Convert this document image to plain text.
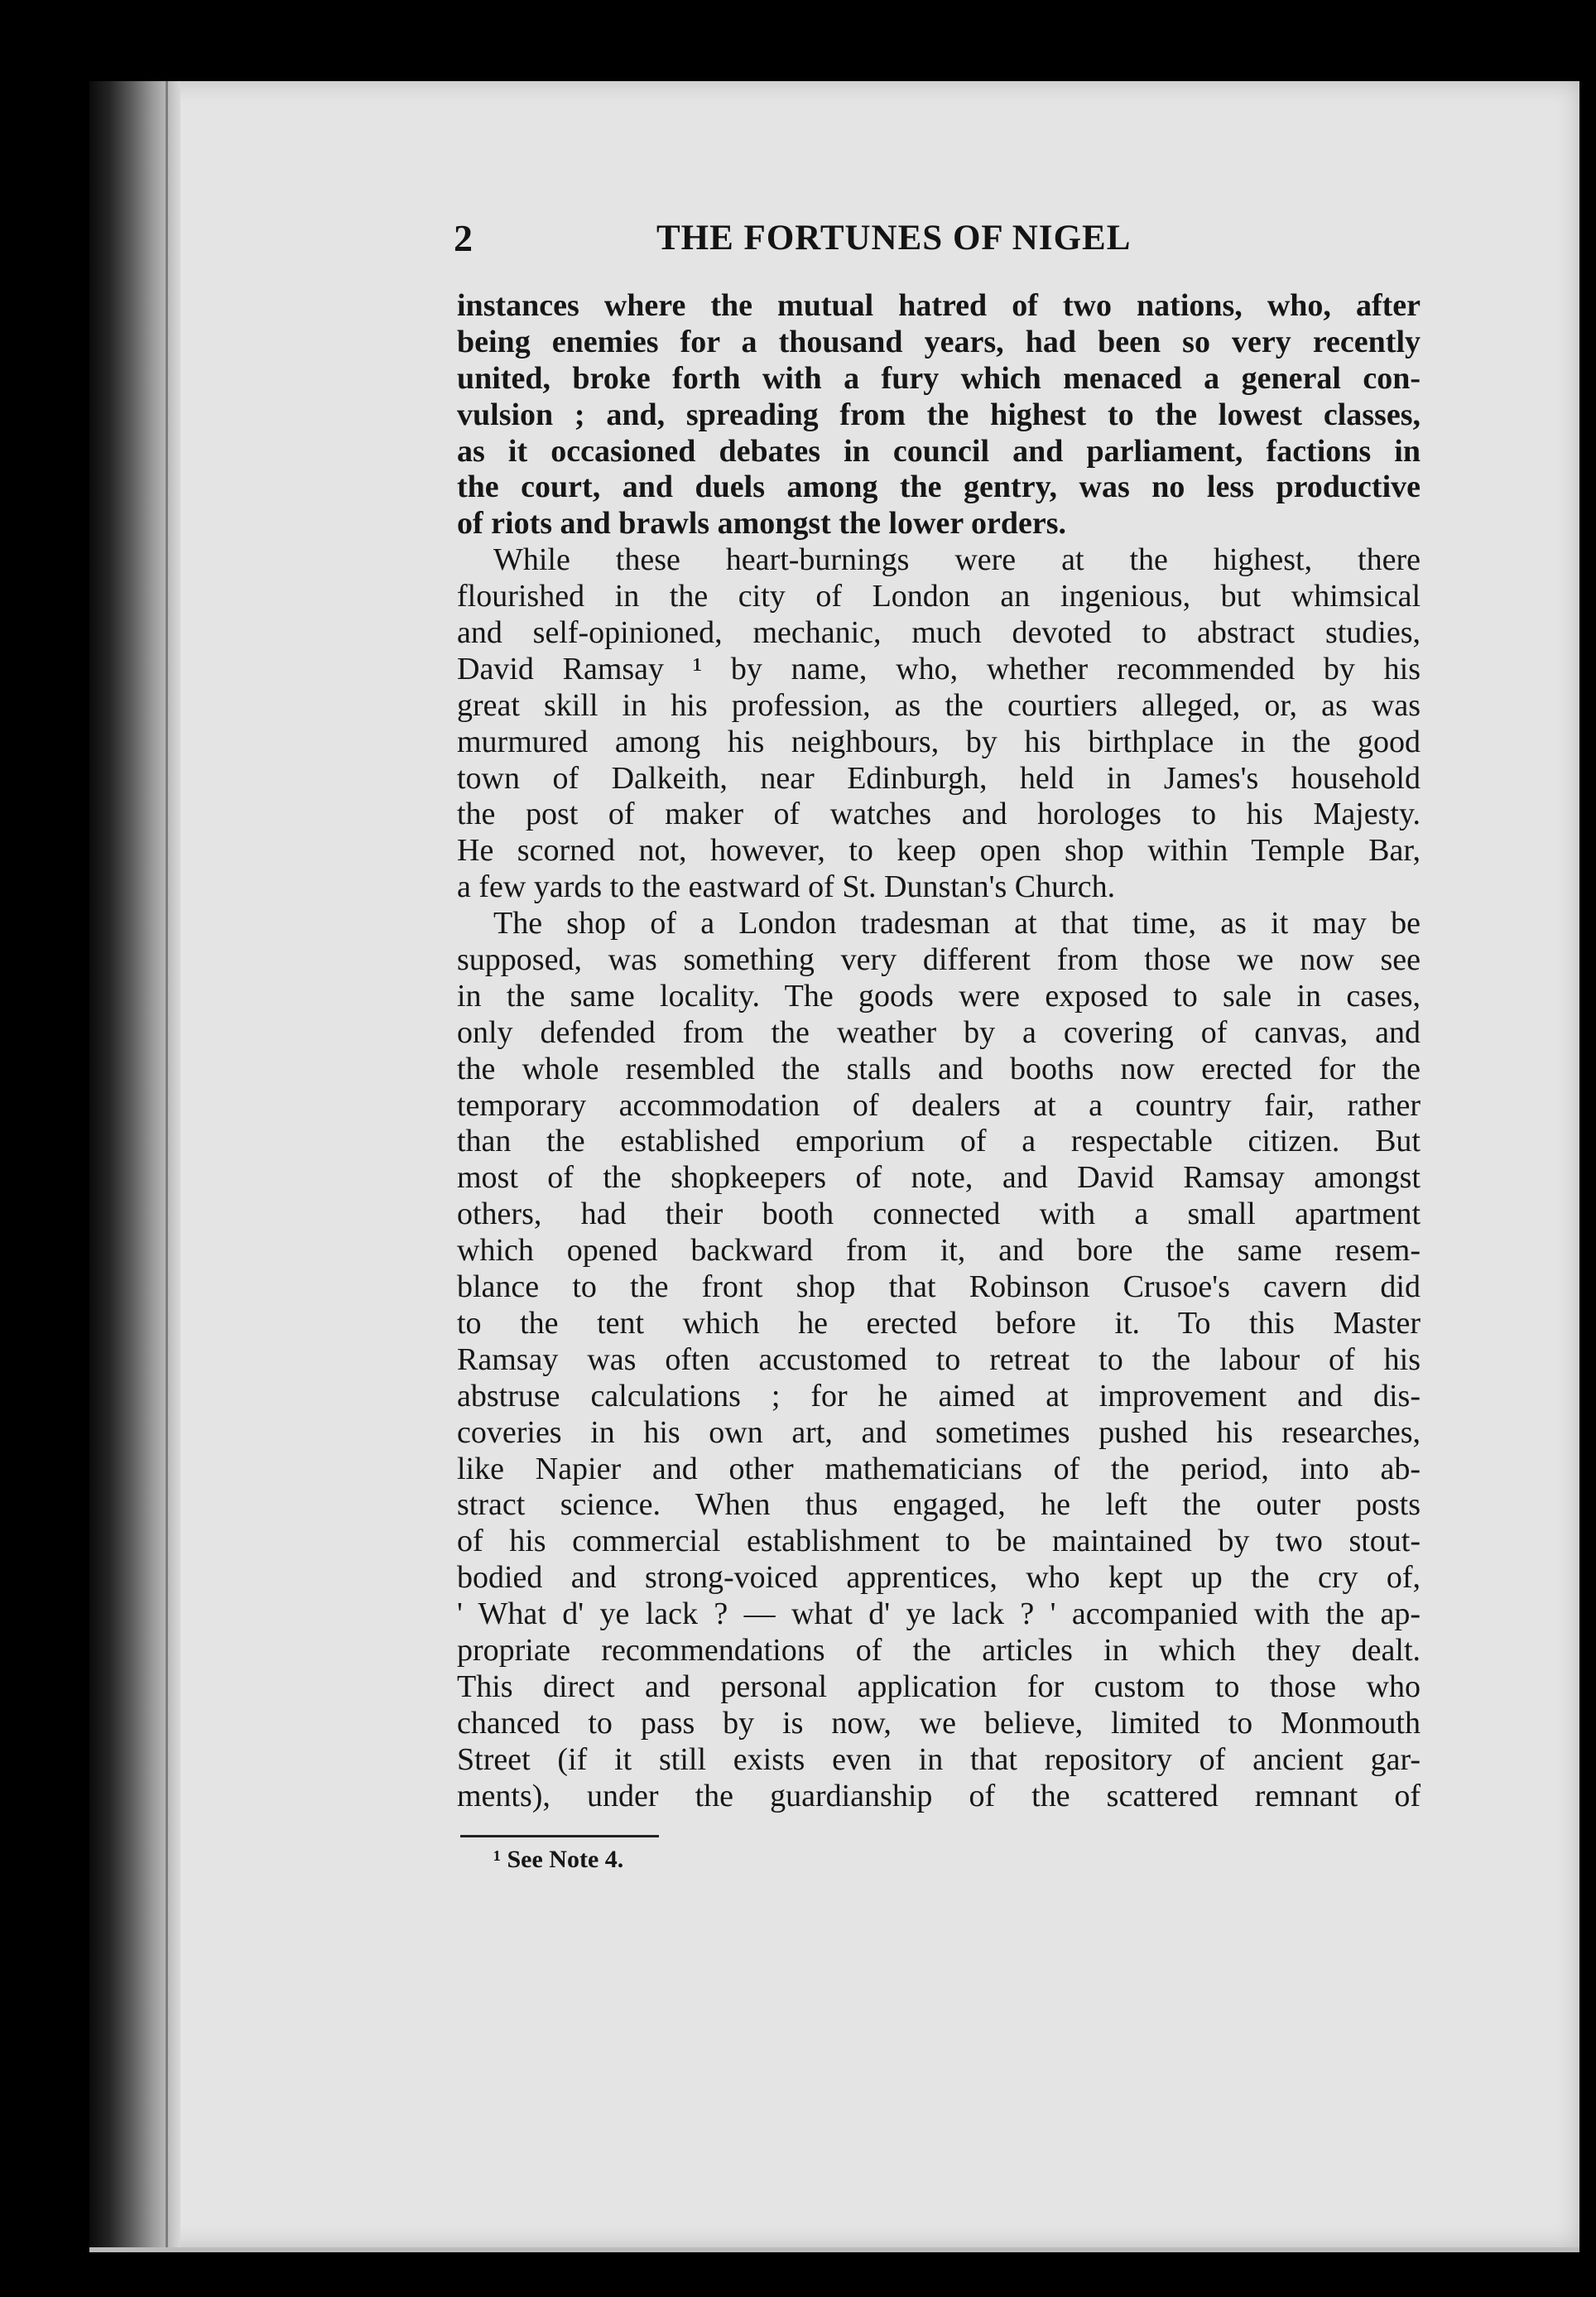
2	THE FORTUNES OF NIGEL
instances where the mutual hatred of two nations, who, after
being enemies for a thousand years, had been so very recently
united, broke forth with a fury which menaced a general con-
vulsion ; and, spreading from the highest to the lowest classes,
as it occasioned debates in council and parliament, factions in
the court, and duels among the gentry, was no less productive
of riots and brawls amongst the lower orders.
While these heart-burnings were at the highest, there
flourished in the city of London an ingenious, but whimsical
and self-opinioned, mechanic, much devoted to abstract studies,
David Ramsay ¹ by name, who, whether recommended by his
great skill in his profession, as the courtiers alleged, or, as was
murmured among his neighbours, by his birthplace in the good
town of Dalkeith, near Edinburgh, held in James's household
the post of maker of watches and horologes to his Majesty.
He scorned not, however, to keep open shop within Temple Bar,
a few yards to the eastward of St. Dunstan's Church.
The shop of a London tradesman at that time, as it may be
supposed, was something very different from those we now see
in the same locality. The goods were exposed to sale in cases,
only defended from the weather by a covering of canvas, and
the whole resembled the stalls and booths now erected for the
temporary accommodation of dealers at a country fair, rather
than the established emporium of a respectable citizen. But
most of the shopkeepers of note, and David Ramsay amongst
others, had their booth connected with a small apartment
which opened backward from it, and bore the same resem-
blance to the front shop that Robinson Crusoe's cavern did
to the tent which he erected before it. To this Master
Ramsay was often accustomed to retreat to the labour of his
abstruse calculations ; for he aimed at improvement and dis-
coveries in his own art, and sometimes pushed his researches,
like Napier and other mathematicians of the period, into ab-
stract science. When thus engaged, he left the outer posts
of his commercial establishment to be maintained by two stout-
bodied and strong-voiced apprentices, who kept up the cry of,
' What d' ye lack ? — what d' ye lack ? ' accompanied with the ap-
propriate recommendations of the articles in which they dealt.
This direct and personal application for custom to those who
chanced to pass by is now, we believe, limited to Monmouth
Street (if it still exists even in that repository of ancient gar-
ments), under the guardianship of the scattered remnant of
¹ See Note 4.
